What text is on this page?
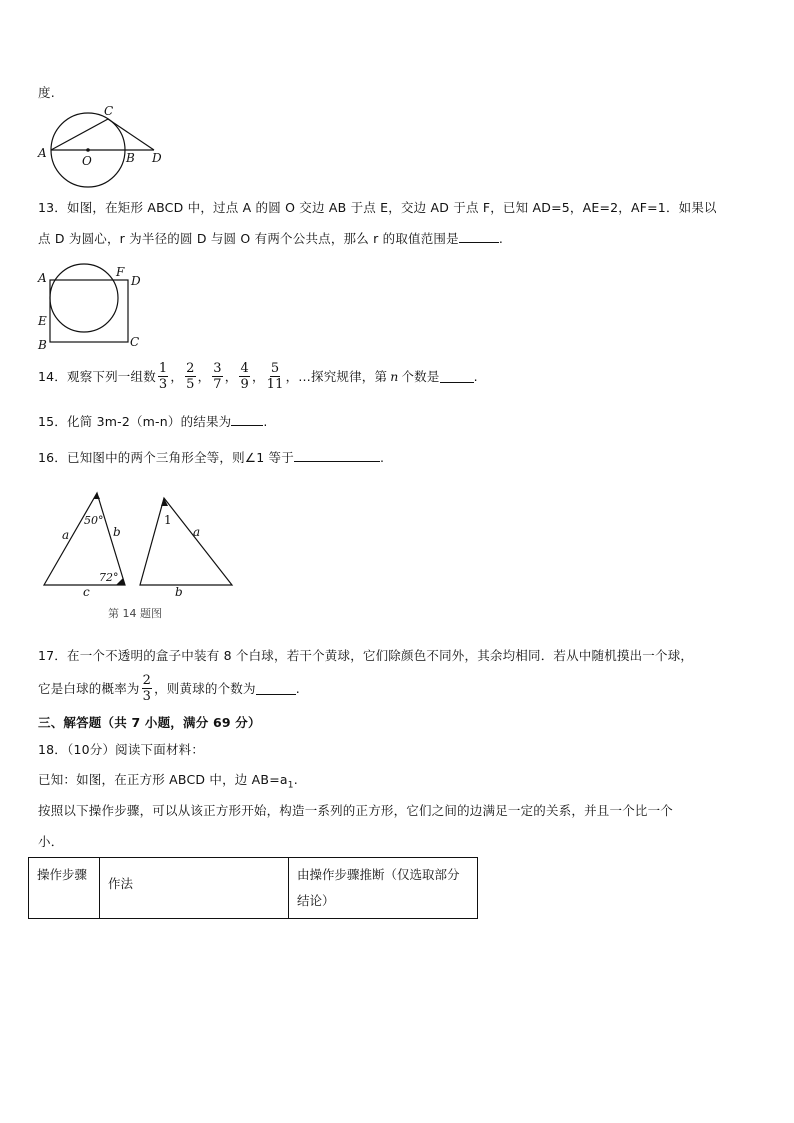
度.
A
C
O	B D
13．如图，在矩形 ABCD 中，过点 A 的圆 O 交边 AB 于点 E，交边 AD 于点 F，已知 AD=5，AE=2，AF=1．如果以
点 D 为圆心，r 为半径的圆 D 与圆 O 有两个公共点，那么 r 的取值范围是	.
A	F
D
E
B	C
14．观察下列一组数 $\frac{1}{3}$ ， $\frac{2}{5}$ ， $\frac{3}{7}$ ， $\frac{4}{9}$ ， $\frac{5}{11}$ ，…探究规律，第 n 个数是	.
15．化简 3m-2（m-n）的结果为	.
16．已知图中的两个三角形全等，则∠1 等于	.
50°
72°
a	b
c
1
a
b
第 14 题图
17．在一个不透明的盒子中装有 8 个白球，若干个黄球，它们除颜色不同外，其余均相同．若从中随机摸出一个球，
它是白球的概率为 $\frac{2}{3}$ ，则黄球的个数为	.
三、解答题（共 7 小题，满分 69 分）
18．（10分）阅读下面材料：
已知：如图，在正方形 ABCD 中，边 $AB=a_1$.
按照以下操作步骤，可以从该正方形开始，构造一系列的正方形，它们之间的边满足一定的关系，并且一个比一个
小．
操作步骤	作法	由操作步骤推断（仅选取部分结论）
